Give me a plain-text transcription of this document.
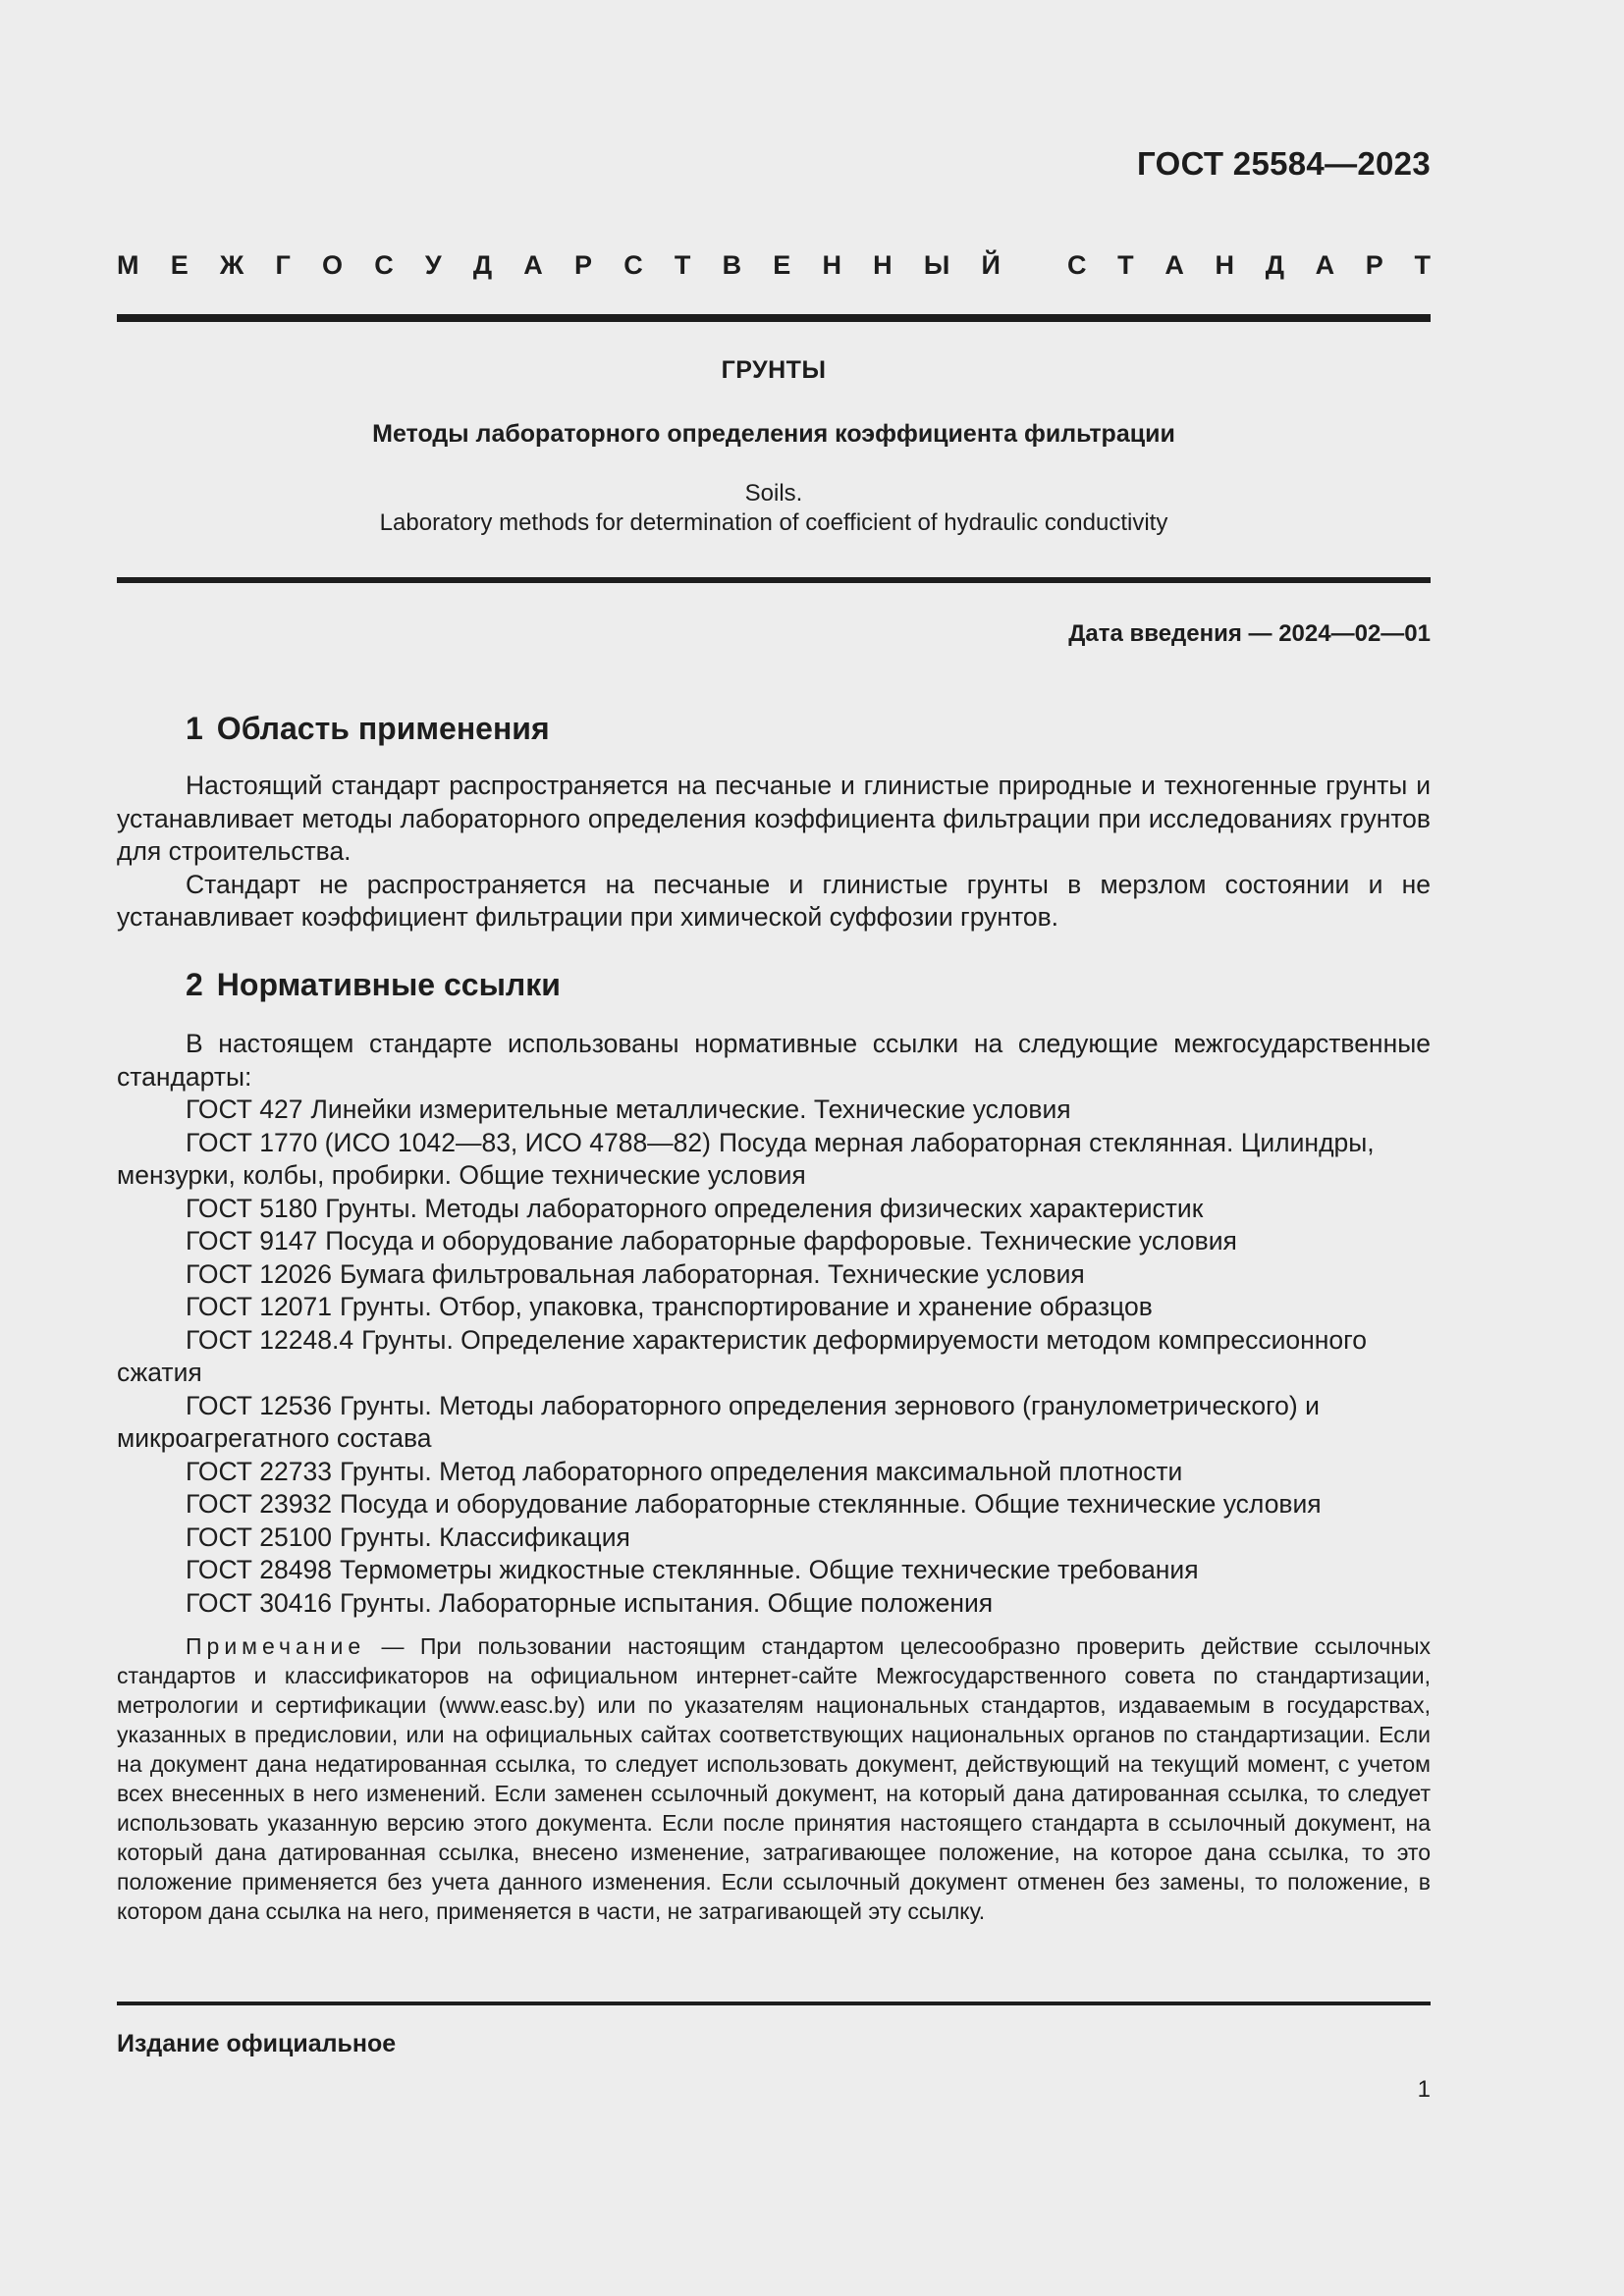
ГОСТ 25584—2023
М Е Ж Г О С У Д А Р С Т В Е Н Н Ы Й	С Т А Н Д А Р Т
ГРУНТЫ
Методы лабораторного определения коэффициента фильтрации
Soils.
Laboratory methods for determination of coefficient of hydraulic conductivity
Дата введения — 2024—02—01
1 Область применения

Настоящий стандарт распространяется на песчаные и глинистые природные и техногенные грунты и устанавливает методы лабораторного определения коэффициента фильтрации при исследованиях грунтов для строительства.

Стандарт не распространяется на песчаные и глинистые грунты в мерзлом состоянии и не устанавливает коэффициент фильтрации при химической суффозии грунтов.

2 Нормативные ссылки

В настоящем стандарте использованы нормативные ссылки на следующие межгосударственные стандарты:

ГОСТ 427 Линейки измерительные металлические. Технические условия

ГОСТ 1770 (ИСО 1042—83, ИСО 4788—82) Посуда мерная лабораторная стеклянная. Цилиндры, мензурки, колбы, пробирки. Общие технические условия

ГОСТ 5180 Грунты. Методы лабораторного определения физических характеристик

ГОСТ 9147 Посуда и оборудование лабораторные фарфоровые. Технические условия

ГОСТ 12026 Бумага фильтровальная лабораторная. Технические условия

ГОСТ 12071 Грунты. Отбор, упаковка, транспортирование и хранение образцов

ГОСТ 12248.4 Грунты. Определение характеристик деформируемости методом компрессионного сжатия

ГОСТ 12536 Грунты. Методы лабораторного определения зернового (гранулометрического) и микроагрегатного состава

ГОСТ 22733 Грунты. Метод лабораторного определения максимальной плотности

ГОСТ 23932 Посуда и оборудование лабораторные стеклянные. Общие технические условия

ГОСТ 25100 Грунты. Классификация

ГОСТ 28498 Термометры жидкостные стеклянные. Общие технические требования

ГОСТ 30416 Грунты. Лабораторные испытания. Общие положения

Примечание — При пользовании настоящим стандартом целесообразно проверить действие ссылочных стандартов и классификаторов на официальном интернет-сайте Межгосударственного совета по стандартизации, метрологии и сертификации (www.easc.by) или по указателям национальных стандартов, издаваемым в государствах, указанных в предисловии, или на официальных сайтах соответствующих национальных органов по стандартизации. Если на документ дана недатированная ссылка, то следует использовать документ, действующий на текущий момент, с учетом всех внесенных в него изменений. Если заменен ссылочный документ, на который дана датированная ссылка, то следует использовать указанную версию этого документа. Если после принятия настоящего стандарта в ссылочный документ, на который дана датированная ссылка, внесено изменение, затрагивающее положение, на которое дана ссылка, то это положение применяется без учета данного изменения. Если ссылочный документ отменен без замены, то положение, в котором дана ссылка на него, применяется в части, не затрагивающей эту ссылку.

Издание официальное
1
